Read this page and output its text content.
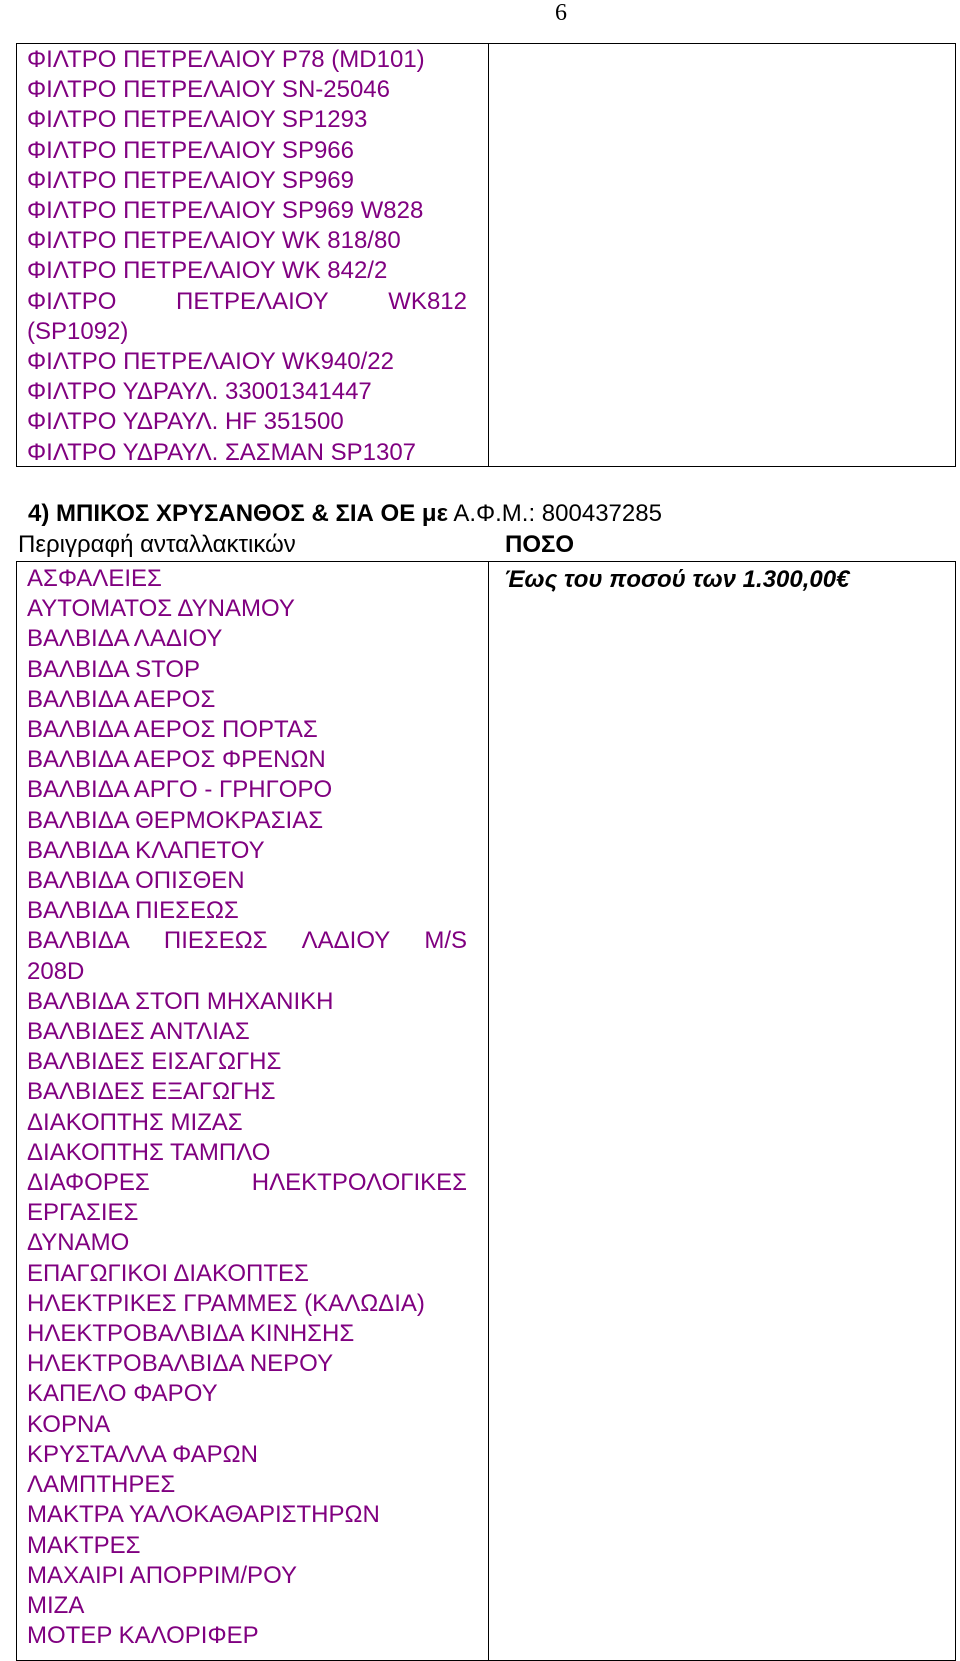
6
ΦΙΛΤΡΟ ΠΕΤΡΕΛΑΙΟΥ P78 (MD101)
ΦΙΛΤΡΟ ΠΕΤΡΕΛΑΙΟΥ SN-25046
ΦΙΛΤΡΟ ΠΕΤΡΕΛΑΙΟΥ SP1293
ΦΙΛΤΡΟ ΠΕΤΡΕΛΑΙΟΥ SP966
ΦΙΛΤΡΟ ΠΕΤΡΕΛΑΙΟΥ SP969
ΦΙΛΤΡΟ ΠΕΤΡΕΛΑΙΟΥ SP969 W828
ΦΙΛΤΡΟ ΠΕΤΡΕΛΑΙΟΥ WK 818/80
ΦΙΛΤΡΟ ΠΕΤΡΕΛΑΙΟΥ WK 842/2
ΦΙΛΤΡΟ ΠΕΤΡΕΛΑΙΟΥ WK812
(SP1092)
ΦΙΛΤΡΟ ΠΕΤΡΕΛΑΙΟΥ WK940/22
ΦΙΛΤΡΟ ΥΔΡΑΥΛ. 33001341447
ΦΙΛΤΡΟ ΥΔΡΑΥΛ. HF 351500
ΦΙΛΤΡΟ ΥΔΡΑΥΛ. ΣΑΣΜΑΝ SP1307
4) ΜΠΙΚΟΣ ΧΡΥΣΑΝΘΟΣ & ΣΙΑ ΟΕ με Α.Φ.Μ.: 800437285
Περιγραφή ανταλλακτικών	ΠΟΣΟ
ΑΣΦΑΛΕΙΕΣ
ΑΥΤΟΜΑΤΟΣ ΔΥΝΑΜΟΥ
ΒΑΛΒΙΔΑ ΛΑΔΙΟΥ
ΒΑΛΒΙΔΑ STOP
ΒΑΛΒΙΔΑ ΑΕΡΟΣ
ΒΑΛΒΙΔΑ ΑΕΡΟΣ ΠΟΡΤΑΣ
ΒΑΛΒΙΔΑ ΑΕΡΟΣ ΦΡΕΝΩΝ
ΒΑΛΒΙΔΑ ΑΡΓΟ - ΓΡΗΓΟΡΟ
ΒΑΛΒΙΔΑ ΘΕΡΜΟΚΡΑΣΙΑΣ
ΒΑΛΒΙΔΑ ΚΛΑΠΕΤΟΥ
ΒΑΛΒΙΔΑ ΟΠΙΣΘΕΝ
ΒΑΛΒΙΔΑ ΠΙΕΣΕΩΣ
ΒΑΛΒΙΔΑ ΠΙΕΣΕΩΣ ΛΑΔΙΟΥ M/S
208D
ΒΑΛΒΙΔΑ ΣΤΟΠ ΜΗΧΑΝΙΚΗ
ΒΑΛΒΙΔΕΣ ΑΝΤΛΙΑΣ
ΒΑΛΒΙΔΕΣ ΕΙΣΑΓΩΓΗΣ
ΒΑΛΒΙΔΕΣ ΕΞΑΓΩΓΗΣ
ΔΙΑΚΟΠΤΗΣ ΜΙΖΑΣ
ΔΙΑΚΟΠΤΗΣ ΤΑΜΠΛΟ
ΔΙΑΦΟΡΕΣ	ΗΛΕΚΤΡΟΛΟΓΙΚΕΣ
ΕΡΓΑΣΙΕΣ
ΔΥΝΑΜΟ
ΕΠΑΓΩΓΙΚΟΙ ΔΙΑΚΟΠΤΕΣ
ΗΛΕΚΤΡΙΚΕΣ ΓΡΑΜΜΕΣ (ΚΑΛΩΔΙΑ)
ΗΛΕΚΤΡΟΒΑΛΒΙΔΑ ΚΙΝΗΣΗΣ
ΗΛΕΚΤΡΟΒΑΛΒΙΔΑ ΝΕΡΟΥ
ΚΑΠΕΛΟ ΦΑΡΟΥ
ΚΟΡΝΑ
ΚΡΥΣΤΑΛΛΑ ΦΑΡΩΝ
ΛΑΜΠΤΗΡΕΣ
ΜΑΚΤΡΑ ΥΑΛΟΚΑΘΑΡΙΣΤΗΡΩΝ
ΜΑΚΤΡΕΣ
ΜΑΧΑΙΡΙ ΑΠΟΡΡΙΜ/ΡΟΥ
ΜΙΖΑ
ΜΟΤΕΡ ΚΑΛΟΡΙΦΕΡ
Έως του ποσού των 1.300,00€
